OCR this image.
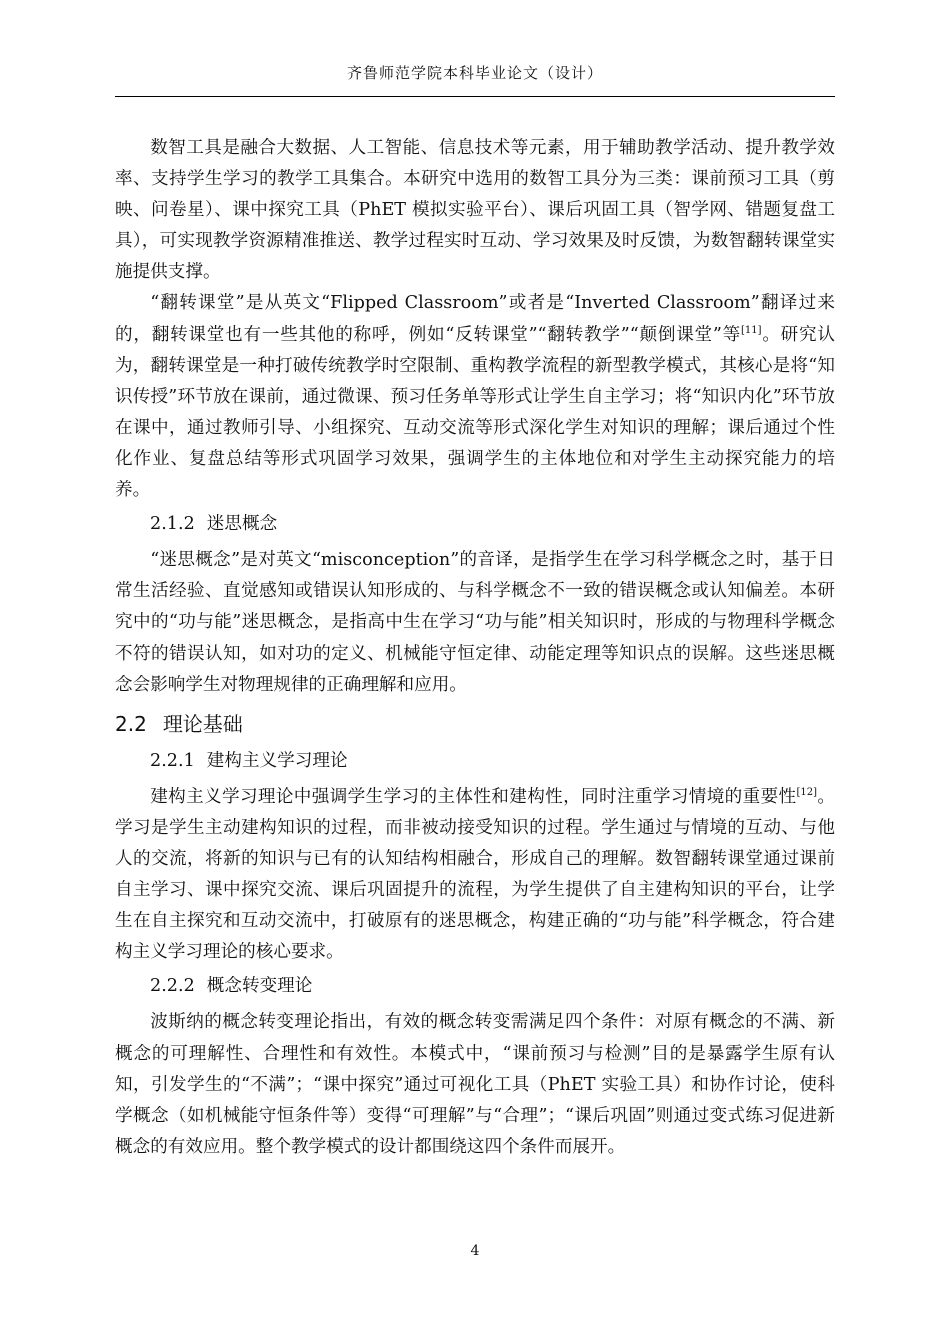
齐鲁师范学院本科毕业论文（设计）

数智工具是融合大数据、人工智能、信息技术等元素，用于辅助教学活动、提升教学效率、支持学生学习的教学工具集合。本研究中选用的数智工具分为三类：课前预习工具（剪映、问卷星）、课中探究工具（PhET 模拟实验平台）、课后巩固工具（智学网、错题复盘工具），可实现教学资源精准推送、教学过程实时互动、学习效果及时反馈，为数智翻转课堂实施提供支撑。

“翻转课堂”是从英文“Flipped Classroom”或者是“Inverted Classroom”翻译过来的，翻转课堂也有一些其他的称呼，例如“反转课堂”“翻转教学”“颠倒课堂”等[11]。研究认为，翻转课堂是一种打破传统教学时空限制、重构教学流程的新型教学模式，其核心是将“知识传授”环节放在课前，通过微课、预习任务单等形式让学生自主学习；将“知识内化”环节放在课中，通过教师引导、小组探究、互动交流等形式深化学生对知识的理解；课后通过个性化作业、复盘总结等形式巩固学习效果，强调学生的主体地位和对学生主动探究能力的培养。

2.1.2 迷思概念

“迷思概念”是对英文“misconception”的音译，是指学生在学习科学概念之时，基于日常生活经验、直觉感知或错误认知形成的、与科学概念不一致的错误概念或认知偏差。本研究中的“功与能”迷思概念，是指高中生在学习“功与能”相关知识时，形成的与物理科学概念不符的错误认知，如对功的定义、机械能守恒定律、动能定理等知识点的误解。这些迷思概念会影响学生对物理规律的正确理解和应用。

2.2 理论基础
2.2.1 建构主义学习理论

建构主义学习理论中强调学生学习的主体性和建构性，同时注重学习情境的重要性[12]。学习是学生主动建构知识的过程，而非被动接受知识的过程。学生通过与情境的互动、与他人的交流，将新的知识与已有的认知结构相融合，形成自己的理解。数智翻转课堂通过课前自主学习、课中探究交流、课后巩固提升的流程，为学生提供了自主建构知识的平台，让学生在自主探究和互动交流中，打破原有的迷思概念，构建正确的“功与能”科学概念，符合建构主义学习理论的核心要求。

2.2.2 概念转变理论

波斯纳的概念转变理论指出，有效的概念转变需满足四个条件：对原有概念的不满、新概念的可理解性、合理性和有效性。本模式中，“课前预习与检测”目的是暴露学生原有认知，引发学生的“不满”；“课中探究”通过可视化工具（PhET 实验工具）和协作讨论，使科学概念（如机械能守恒条件等）变得“可理解”与“合理”；“课后巩固”则通过变式练习促进新概念的有效应用。整个教学模式的设计都围绕这四个条件而展开。

4
